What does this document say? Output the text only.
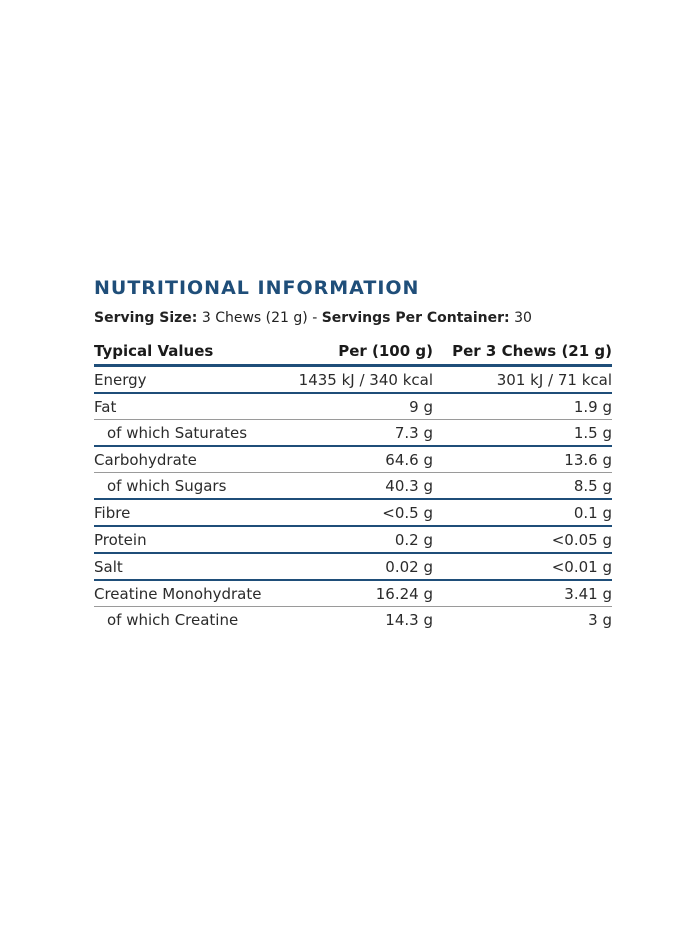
NUTRITIONAL INFORMATION
Serving Size: 3 Chews (21 g) - Servings Per Container: 30
Typical Values	Per (100 g)	Per 3 Chews (21 g)
Energy	1435 kJ / 340 kcal	301 kJ / 71 kcal
Fat	9 g	1.9 g
of which Saturates	7.3 g	1.5 g
Carbohydrate	64.6 g	13.6 g
of which Sugars	40.3 g	8.5 g
Fibre	<0.5 g	0.1 g
Protein	0.2 g	<0.05 g
Salt	0.02 g	<0.01 g
Creatine Monohydrate	16.24 g	3.41 g
of which Creatine	14.3 g	3 g
